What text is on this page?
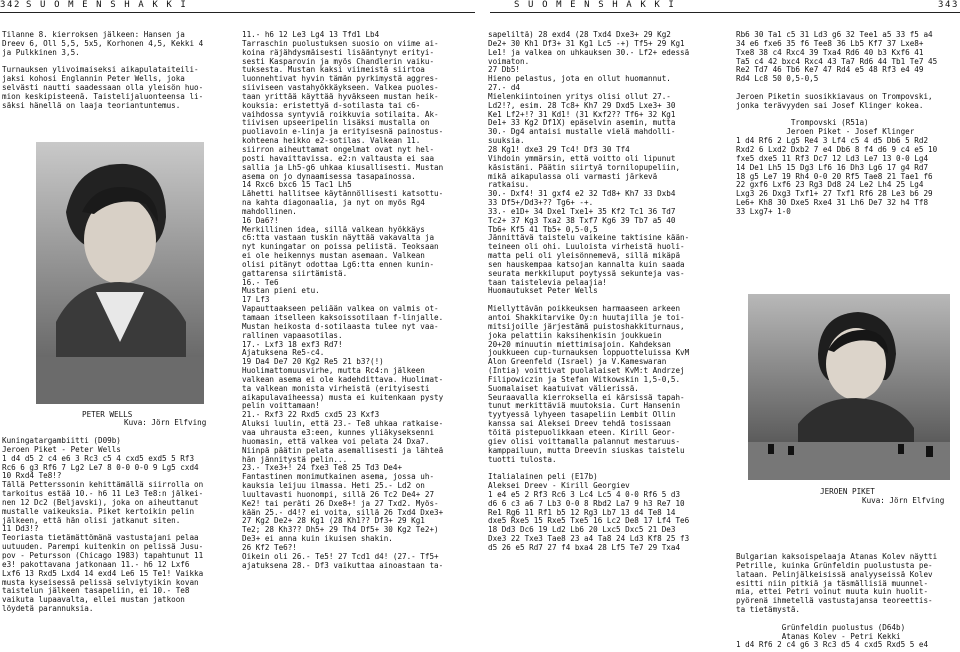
342 S U O M E N S H A K K I	S U O M E N S H A K K I	343
Tilanne 8. kierroksen jälkeen: Hansen ja
Dreev 6, Oll 5,5, 5x5, Korhonen 4,5, Kekki 4
ja Pulkkinen 3,5.

Turnauksen ylivoimaiseksi aikapulataiteili-
jaksi kohosi Englannin Peter Wells, joka
selvästi nautti saadessaan olla yleisön huo-
mion keskipisteenä. Taistelijaluonteensa li-
säksi hänellä on laaja teoriantuntemus.
PETER WELLS
Kuva: Jörn Elfving
Kuningatargambiitti (D09b)
Jeroen Piket - Peter Wells
1 d4 d5 2 c4 e6 3 Rc3 c5 4 cxd5 exd5 5 Rf3
Rc6 6 g3 Rf6 7 Lg2 Le7 8 0-0 0-0 9 Lg5 cxd4
10 Rxd4 Te8!?
Tällä Petterssonin kehittämällä siirrolla on
tarkoitus estää 10.- h6 11 Le3 Te8:n jälkei-
nen 12 Dc2 (Beljavski), joka on aiheuttanut
mustalle vaikeuksia. Piket kertoikin pelin
jälkeen, että hän olisi jatkanut siten.
11 Dd3!?
Teoriasta tietämättömänä vastustajani pelaa
uutuuden. Parempi kuitenkin on pelissä Jusu-
pov - Petursson (Chicago 1983) tapahtunut 11
e3! pakottavana jatkonaan 11.- h6 12 Lxf6
Lxf6 13 Rxd5 Lxd4 14 exd4 Le6 15 Te1! Vaikka
musta kyseisessä pelissä selviytyikin kovan
taistelun jälkeen tasapeliin, ei 10.- Te8
vaikuta lupaavalta, ellei mustan jatkoon
löydetä parannuksia.
11.- h6 12 Le3 Lg4 13 Tfd1 Lb4
Tarraschin puolustuksen suosio on viime ai-
koina räjähdysmäisesti lisääntynyt erityi-
sesti Kasparovin ja myös Chandlerin vaiku-
tuksesta. Mustan kaksi viimeistä siirtoa
luonnehtivat hyvin tämän pyrkimystä aggres-
siiviseen vastahyökkäykseen. Valkea puoles-
taan yrittää käyttää hyväkseen mustan heik-
kouksia: eristettyä d-sotilasta tai c6-
vaihdossa syntyviä roikkuvia sotilaita. Ak-
tiivisen upseeripelin lisäksi mustalla on
puoliavoin e-linja ja erityisesnä painostus-
kohteena heikko e2-sotilas. Valkean 11.
siirron aiheuttamat ongelmat ovat nyt hel-
posti havaittavissa. e2:n valtausta ei saa
sallia ja Lh5-g6 uhkaa kiusallisesti. Mustan
asema on jo dynaamisessa tasapainossa.
14 Rxc6 bxc6 15 Tac1 Lh5
Lähetti hallitsee käytännöllisesti katsottu-
na kahta diagonaalia, ja nyt on myös Rg4
mahdollinen.
16 Da6?!
Merkillinen idea, sillä valkean hyökkäys
c6:tta vastaan tuskin näyttää vakavalta ja
nyt kuningatar on poissa peliistä. Teoksaan
ei ole heikennys mustan asemaan. Valkean
olisi pitänyt odottaa Lg6:tta ennen kunin-
gattarensa siirtämistä.
16.- Te6
Mustan pieni etu.
17 Lf3
Vapauttaakseen peliään valkea on valmis ot-
tamaan itselleen kaksoissotilaan f-linjalle.
Mustan heikosta d-sotilaasta tulee nyt vaa-
rallinen vapaasotilas.
17.- Lxf3 18 exf3 Rd7!
Ajatuksena Re5-c4.
19 Da4 De7 20 Kg2 Re5 21 b3?(!)
Huolimattomuusvirhe, mutta Rc4:n jälkeen
valkean asema ei ole kadehdittava. Huolimat-
ta valkean monista virheistä (erityisesti
aikapulavaiheessa) musta ei kuitenkaan pysty
pelin voittamaan!
21.- Rxf3 22 Rxd5 cxd5 23 Kxf3
Aluksi luulin, että 23.- Te8 uhkaa ratkaise-
vaa uhrausta e3:een, kunnes yliäkyseksenni
huomasin, että valkea voi pelata 24 Dxa7.
Niinpä päätin pelata asemallisesti ja lähteä
hän jännitystä pelin...
23.- Txe3+! 24 fxe3 Te8 25 Td3 De4+
Fantastinen monimutkainen asema, jossa uh-
kauksia leijuu ilmassa. Heti 25.- Ld2 on
luultavasti huonompi, sillä 26 Tc2 De4+ 27
Ke2! tai peräti 26 Dxe8+! ja 27 Txd2. Myös-
kään 25.- d4!? ei voita, sillä 26 Txd4 Dxe3+
27 Kg2 De2+ 28 Kg1 (28 Kh1?? Df3+ 29 Kg1
Te2; 28 Kh3?? Dh5+ 29 Th4 Df5+ 30 Kg2 Te2+)
De3+ ei anna kuin ikuisen shakin.
26 Kf2 Te6?!
Oikein oli 26.- Te5! 27 Tcd1 d4! (27.- Tf5+
ajatuksena 28.- Df3 vaikuttaa ainoastaan ta-
sapeliltä) 28 exd4 (28 Txd4 Dxe3+ 29 Kg2
De2+ 30 Kh1 Df3+ 31 Kg1 Lc5 -+) Tf5+ 29 Kg1
Le1! ja valkea on uhkauksen 30.- Lf2+ edessä
voimaton.
27 Db5!
Hieno pelastus, jota en ollut huomannut.
27.- d4
Mielenkiintoinen yritys olisi ollut 27.-
Ld2!?, esim. 28 Tc8+ Kh7 29 Dxd5 Lxe3+ 30
Ke1 Lf2+!? 31 Kd1! (31 Kxf2?? Tf6+ 32 Kg1
De1+ 33 Kg2 Df1X) epäselvin asemin, mutta
30.- Dg4 antaisi mustalle vielä mahdolli-
suuksia.
28 Kg1! dxe3 29 Tc4! Df3 30 Tf4
Vihdoin ymmärsin, että voitto oli lipunut
käsistäni. Päätin siirtyä tornilopupeliin,
mikä aikapulassa oli varmasti järkevä
ratkaisu.
30.- Dxf4! 31 gxf4 e2 32 Td8+ Kh7 33 Dxb4
33 Df5+/Dd3+?? Tg6+ -+.
33.- e1D+ 34 Dxe1 Txe1+ 35 Kf2 Tc1 36 Td7
Tc2+ 37 Kg3 Txa2 38 Txf7 Kg6 39 Tb7 a5 40
Tb6+ Kf5 41 Tb5+ 0,5-0,5
Jännittävä taistelu vaikeine taktisine kään-
teineen oli ohi. Luuloista virheistä huoli-
matta peli oli yleisönnemevä, sillä mikäpä
sen hauskempaa katsojan kannalta kuin saada
seurata merkkiluput poytyssä sekunteja vas-
taan taistelevia pelaajia!
Huomautukset Peter Wells

Miellyttävän poikkeuksen harmaaseen arkeen
antoi Shakkitarvike Oy:n huutajilla je toi-
mitsijoille järjestämä puistoshakkiturnaus,
joka pelattiin kaksihenkisin joukkuein
20+20 minuutin miettimisajoin. Kahdeksan
joukkueen cup-turnauksen loppuotteluissa KvM
Alon Greenfeld (Israel) ja V.Kameswaran
(Intia) voittivat puolalaiset KvM:t Andrzej
Filipowiczin ja Stefan Witkowskin 1,5-0,5.
Suomalaiset kaatuivat välierissä.
Seuraavalla kierroksella ei kärsissä tapah-
tunut merkittäviä muutoksia. Curt Hansenin
tyytyessä lyhyeen tasapeliin Lembit Ollin
kanssa sai Aleksei Dreev tehdä tosissaan
töitä pistepuolikkaan eteen. Kirill Geor-
giev olisi voittamalla palannut mestaruus-
kamppailuun, mutta Dreevin siuskas taistelu
tuotti tulosta.

Italialainen peli (E17b)
Aleksei Dreev - Kirill Georgiev
1 e4 e5 2 Rf3 Rc6 3 Lc4 Lc5 4 0-0 Rf6 5 d3
d6 6 c3 a6 7 Lb3 0-0 8 Rbd2 La7 9 h3 Re7 10
Re1 Rg6 11 Rf1 b5 12 Rg3 Lb7 13 d4 Te8 14
dxe5 Rxe5 15 Rxe5 Txe5 16 Lc2 De8 17 Lf4 Te6
18 Dd3 Dc6 19 Ld2 Lb6 20 Lxc5 Dxc5 21 De3
Dxe3 22 Txe3 Tae8 23 a4 Ta8 24 Ld3 Kf8 25 f3
d5 26 e5 Rd7 27 f4 bxa4 28 Lf5 Te7 29 Txa4
Rb6 30 Ta1 c5 31 Ld3 g6 32 Tee1 a5 33 f5 a4
34 e6 fxe6 35 f6 Tee8 36 Lb5 Kf7 37 Lxe8+
Txe8 38 c4 Rxc4 39 Txa4 Rd6 40 b3 Kxf6 41
Ta5 c4 42 bxc4 Rxc4 43 Ta7 Rd6 44 Tb1 Te7 45
Re2 Td7 46 Tb6 Ke7 47 Rd4 e5 48 Rf3 e4 49
Rd4 Lc8 50 0,5-0,5

Jeroen Piketin suosikkiavaus on Trompovski,
jonka terävyyden sai Josef Klinger kokea.

Trompovski (R51a)
Jeroen Piket - Josef Klinger
1 d4 Rf6 2 Lg5 Re4 3 Lf4 c5 4 d5 Db6 5 Rd2
Rxd2 6 Lxd2 Dxb2 7 e4 Db6 8 f4 d6 9 c4 e5 10
fxe5 dxe5 11 Rf3 Dc7 12 Ld3 Le7 13 0-0 Lg4
14 De1 Lh5 15 Dg3 Lf6 16 Dh3 Lg6 17 g4 Rd7
18 g5 Le7 19 Rh4 0-0 20 Rf5 Tae8 21 Tae1 f6
22 gxf6 Lxf6 23 Rg3 Dd8 24 Le2 Lh4 25 Lg4
Lxg3 26 Dxg3 Txf1+ 27 Txf1 Rf6 28 Le3 b6 29
Le6+ Kh8 30 Dxe5 Rxe4 31 Lh6 De7 32 h4 Tf8
33 Lxg7+ 1-0
JEROEN PIKET
Kuva: Jörn Elfving
Bulgarian kaksoispelaaja Atanas Kolev näytti
Petrille, kuinka Grünfeldin puolustusta pe-
lataan. Pelinjälkeisissä analyyseissä Kolev
esitti niin pitkiä ja täsmällisiä muunnel-
mia, ettei Petri voinut muuta kuin huolit-
pyörenä ihmetellä vastustajansa teoreettis-
ta tietämystä.

Grünfeldin puolustus (D64b)
Atanas Kolev - Petri Kekki
1 d4 Rf6 2 c4 g6 3 Rc3 d5 4 cxd5 Rxd5 5 e4
